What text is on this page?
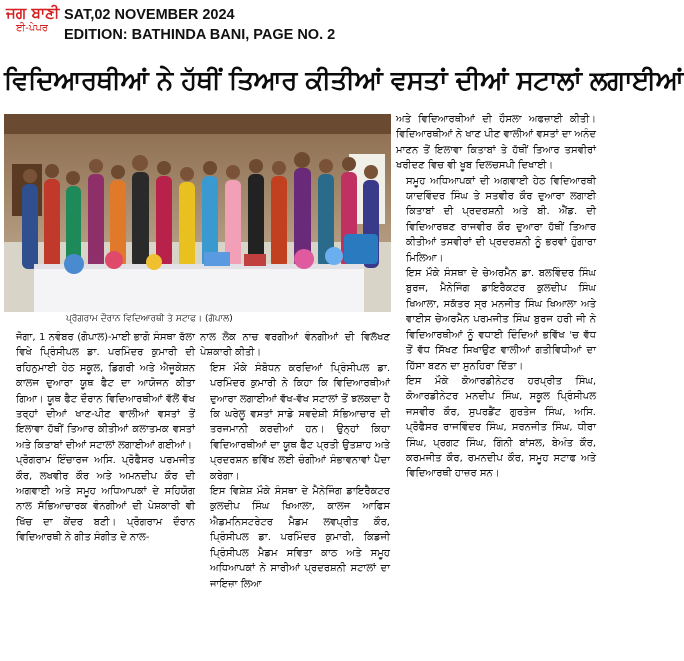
ਜਗ ਬਾਣੀ
ਈ-ਪੇਪਰ
SAT,02 NOVEMBER 2024
EDITION: BATHINDA BANI, PAGE NO. 2
ਵਿਦਿਆਰਥੀਆਂ ਨੇ ਹੱਥੀਂ ਤਿਆਰ ਕੀਤੀਆਂ ਵਸਤਾਂ ਦੀਆਂ ਸਟਾਲਾਂ ਲਗਾਈਆਂ
ਪ੍ਰੋਗਰਾਮ ਦੌਰਾਨ ਵਿਦਿਆਰਥੀ ਤੇ ਸਟਾਫ। (ਗੋਪਾਲ)

ਜੋਗਾ, 1 ਨਵੰਬਰ (ਗੋਪਾਲ)-ਮਾਈ ਭਾਗੋ ਸੰਸਥਾ ਰੱਲਾ ਵਿਖੇ ਪ੍ਰਿੰਸੀਪਲ ਡਾ. ਪਰਮਿੰਦਰ ਕੁਮਾਰੀ ਦੀ ਰਹਿਨੁਮਾਈ ਹੇਠ ਸਕੂਲ, ਡਿਗਰੀ ਅਤੇ ਐਜੂਕੇਸ਼ਨ ਕਾਲਜ ਦੁਆਰਾ ਯੂਥ ਫੈਟ ਦਾ ਆਯੋਜਨ ਕੀਤਾ ਗਿਆ। ਯੂਥ ਫੈਟ ਦੌਰਾਨ ਵਿਦਿਆਰਥੀਆਂ ਵੱਲੋਂ ਵੱਖ ਤਰ੍ਹਾਂ ਦੀਆਂ ਖਾਣ-ਪੀਣ ਵਾਲੀਆਂ ਵਸਤਾਂ ਤੋਂ ਇਲਾਵਾ ਹੱਥੀਂ ਤਿਆਰ ਕੀਤੀਆਂ ਕਲਾਤਮਕ ਵਸਤਾਂ ਅਤੇ ਕਿਤਾਬਾਂ ਦੀਆਂ ਸਟਾਲਾਂ ਲਗਾਈਆਂ ਗਈਆਂ।

ਪ੍ਰੋਗਰਾਮ ਇੰਚਾਰਜ ਅਸਿ. ਪ੍ਰੋਫੈਸਰ ਪਰਮਜੀਤ ਕੌਰ, ਲਖਵੀਰ ਕੌਰ ਅਤੇ ਅਮਨਦੀਪ ਕੌਰ ਦੀ ਅਗਵਾਈ ਅਤੇ ਸਮੂਹ ਅਧਿਆਪਕਾਂ ਦੇ ਸਹਿਯੋਗ ਨਾਲ ਸੱਭਿਆਚਾਰਕ ਵੰਨਗੀਆਂ ਦੀ ਪੇਸ਼ਕਾਰੀ ਵੀ ਖਿੱਚ ਦਾ ਕੇਂਦਰ ਬਣੀ। ਪ੍ਰੋਗਰਾਮ ਦੌਰਾਨ ਵਿਦਿਆਰਥੀ ਨੇ ਗੀਤ ਸੰਗੀਤ ਦੇ ਨਾਲ-

ਨਾਲ ਲੋਕ ਨਾਚ ਵਰਗੀਆਂ ਵੰਨਗੀਆਂ ਦੀ ਵਿਲੱਖਣ ਪੇਸ਼ਕਾਰੀ ਕੀਤੀ।

ਇਸ ਮੌਕੇ ਸੰਬੋਧਨ ਕਰਦਿਆਂ ਪ੍ਰਿੰਸੀਪਲ ਡਾ. ਪਰਮਿੰਦਰ ਕੁਮਾਰੀ ਨੇ ਕਿਹਾ ਕਿ ਵਿਦਿਆਰਥੀਆਂ ਦੁਆਰਾ ਲਗਾਈਆਂ ਵੱਖ-ਵੱਖ ਸਟਾਲਾਂ ਤੋਂ ਝਲਕਦਾ ਹੈ ਕਿ ਘਰੇਲੂ ਵਸਤਾਂ ਸਾਡੇ ਸਵਦੇਸ਼ੀ ਸੱਭਿਆਚਾਰ ਦੀ ਤਰਜਮਾਨੀ ਕਰਦੀਆਂ ਹਨ। ਉਨ੍ਹਾਂ ਕਿਹਾ ਵਿਦਿਆਰਥੀਆਂ ਦਾ ਯੂਥ ਫੈਟ ਪ੍ਰਤੀ ਉਤਸ਼ਾਹ ਅਤੇ ਪ੍ਰਦਰਸ਼ਨ ਭਵਿੱਖ ਲਈ ਚੰਗੀਆਂ ਸੰਭਾਵਨਾਵਾਂ ਪੈਦਾ ਕਰੇਗਾ।

ਇਸ ਵਿਸ਼ੇਸ਼ ਮੌਕੇ ਸੰਸਥਾ ਦੇ ਮੈਨੇਜਿੰਗ ਡਾਇਰੈਕਟਰ ਕੁਲਦੀਪ ਸਿੰਘ ਖਿਆਲਾ, ਕਾਲਜ ਆਫਿਸ ਐਡਮਨਿਸਟਰੇਟਰ ਮੈਡਮ ਲਵਪ੍ਰੀਤ ਕੌਰ, ਪ੍ਰਿੰਸੀਪਲ ਡਾ. ਪਰਮਿੰਦਰ ਕੁਮਾਰੀ, ਕਿਡਜੀ ਪ੍ਰਿੰਸੀਪਲ ਮੈਡਮ ਸਵਿਤਾ ਕਾਠ ਅਤੇ ਸਮੂਹ ਅਧਿਆਪਕਾਂ ਨੇ ਸਾਰੀਆਂ ਪ੍ਰਦਰਸ਼ਨੀ ਸਟਾਲਾਂ ਦਾ ਜਾਇਜ਼ਾ ਲਿਆ

ਅਤੇ ਵਿਦਿਆਰਥੀਆਂ ਦੀ ਹੌਸਲਾ ਅਫਜ਼ਾਈ ਕੀਤੀ। ਵਿਦਿਆਰਥੀਆਂ ਨੇ ਖਾਣ ਪੀਣ ਵਾਲੀਆਂ ਵਸਤਾਂ ਦਾ ਅਨੰਦ ਮਾਣਨ ਤੋਂ ਇਲਾਵਾ ਕਿਤਾਬਾਂ ਤੇ ਹੱਥੀਂ ਤਿਆਰ ਤਸਵੀਰਾਂ ਖਰੀਦਣ ਵਿਚ ਵੀ ਖੂਬ ਦਿਲਚਸਪੀ ਦਿਖਾਈ।

ਸਮੂਹ ਅਧਿਆਪਕਾਂ ਦੀ ਅਗਵਾਈ ਹੇਠ ਵਿਦਿਆਰਥੀ ਯਾਦਵਿੰਦਰ ਸਿੰਘ ਤੇ ਸਤਵੀਰ ਕੌਰ ਦੁਆਰਾ ਲਗਾਈ ਕਿਤਾਬਾਂ ਦੀ ਪ੍ਰਦਰਸ਼ਨੀ ਅਤੇ ਬੀ. ਐੱਡ. ਦੀ ਵਿਦਿਆਰਥਣ ਰਾਜਵੀਰ ਕੌਰ ਦੁਆਰਾ ਹੱਥੀਂ ਤਿਆਰ ਕੀਤੀਆਂ ਤਸਵੀਰਾਂ ਦੀ ਪ੍ਰਦਰਸ਼ਨੀ ਨੂੰ ਭਰਵਾਂ ਹੁੰਗਾਰਾ ਮਿਲਿਆ।

ਇਸ ਮੌਕੇ ਸੰਸਥਾ ਦੇ ਚੇਅਰਮੈਨ ਡਾ. ਬਲਵਿੰਦਰ ਸਿੰਘ ਬੁਰਜ, ਮੈਨੇਜਿੰਗ ਡਾਇਰੈਕਟਰ ਕੁਲਦੀਪ ਸਿੰਘ ਖਿਆਲਾ, ਸਕੱਤਰ ਸ੍ਰ ਮਨਜੀਤ ਸਿੰਘ ਖਿਆਲਾ ਅਤੇ ਵਾਈਸ ਚੇਅਰਮੈਨ ਪਰਮਜੀਤ ਸਿੰਘ ਬੁਰਜ ਹਰੀ ਜੀ ਨੇ ਵਿਦਿਆਰਥੀਆਂ ਨੂੰ ਵਧਾਈ ਦਿੰਦਿਆਂ ਭਵਿੱਖ 'ਚ ਵੱਧ ਤੋਂ ਵੱਧ ਸਿੱਖਣ ਸਿਖਾਉਣ ਵਾਲੀਆਂ ਗਤੀਵਿਧੀਆਂ ਦਾ ਹਿੱਸਾ ਬਣਨ ਦਾ ਸੁਨਹਿਰਾ ਦਿੱਤਾ।

ਇਸ ਮੌਕੇ ਕੋਆਰਡੀਨੇਟਰ ਹਰਪ੍ਰੀਤ ਸਿੰਘ, ਕੋਆਰਡੀਨੇਟਰ ਮਨਦੀਪ ਸਿੰਘ, ਸਕੂਲ ਪ੍ਰਿੰਸੀਪਲ ਜਸਵੀਰ ਕੌਰ, ਸੁਪਰਡੈਂਟ ਗੁਰਤੇਜ ਸਿੰਘ, ਅਸਿ. ਪ੍ਰੋਫੈਸਰ ਰਾਜਵਿੰਦਰ ਸਿੰਘ, ਸਰਨਜੀਤ ਸਿੰਘ, ਧੀਰਾ ਸਿੰਘ, ਪ੍ਰਗਟ ਸਿੰਘ, ਗਿੰਨੀ ਬਾਂਸਲ, ਬੇਅੰਤ ਕੌਰ, ਕਰਮਜੀਤ ਕੌਰ, ਰਮਨਦੀਪ ਕੌਰ, ਸਮੂਹ ਸਟਾਫ ਅਤੇ ਵਿਦਿਆਰਥੀ ਹਾਜ਼ਰ ਸਨ।
